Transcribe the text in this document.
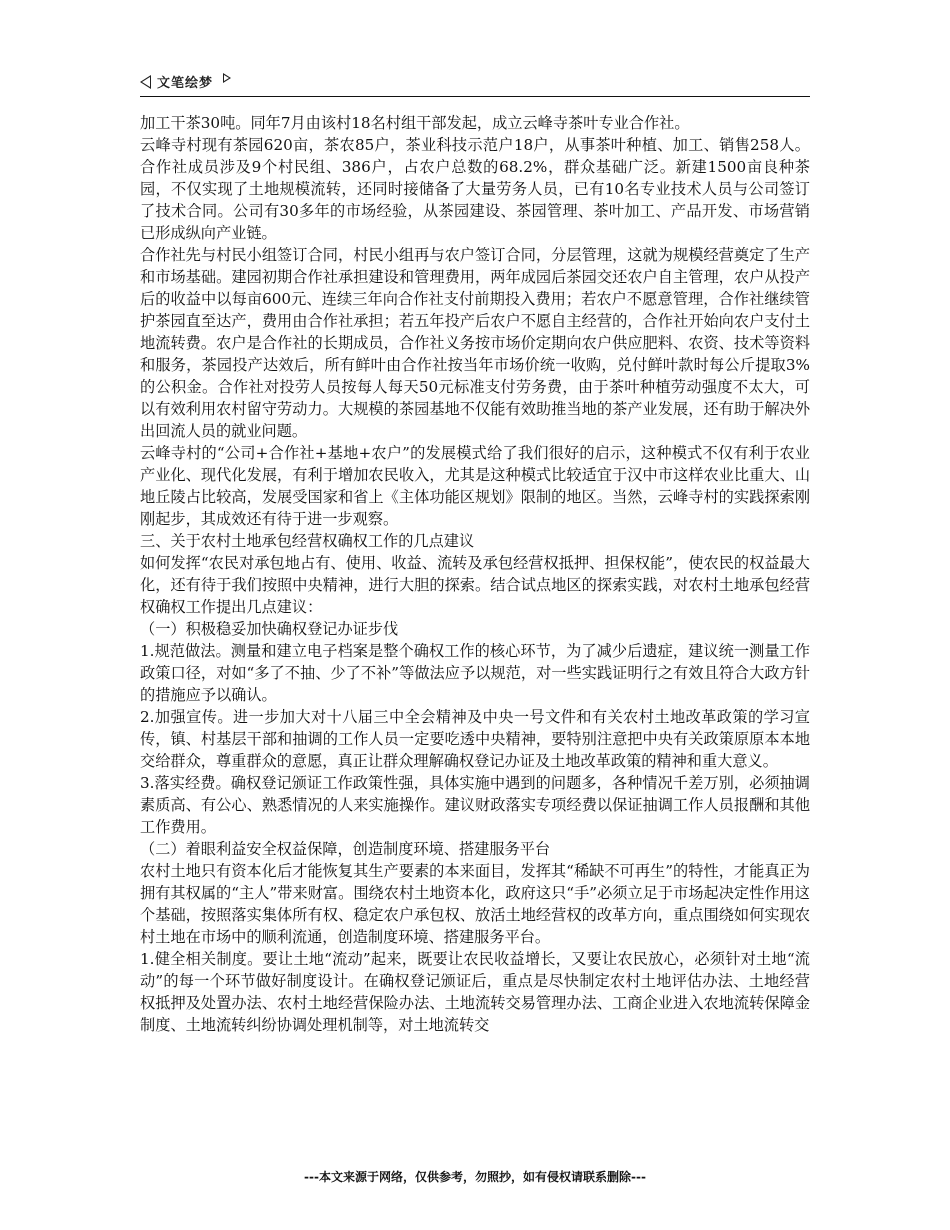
文笔绘梦

加工干茶30吨。同年7月由该村18名村组干部发起，成立云峰寺茶叶专业合作社。

云峰寺村现有茶园620亩，茶农85户，茶业科技示范户18户，从事茶叶种植、加工、销售258人。合作社成员涉及9个村民组、386户，占农户总数的68.2%，群众基础广泛。新建1500亩良种茶园，不仅实现了土地规模流转，还同时接储备了大量劳务人员，已有10名专业技术人员与公司签订了技术合同。公司有30多年的市场经验，从茶园建设、茶园管理、茶叶加工、产品开发、市场营销已形成纵向产业链。

合作社先与村民小组签订合同，村民小组再与农户签订合同，分层管理，这就为规模经营奠定了生产和市场基础。建园初期合作社承担建设和管理费用，两年成园后茶园交还农户自主管理，农户从投产后的收益中以每亩600元、连续三年向合作社支付前期投入费用；若农户不愿意管理，合作社继续管护茶园直至达产，费用由合作社承担；若五年投产后农户不愿自主经营的，合作社开始向农户支付土地流转费。农户是合作社的长期成员，合作社义务按市场价定期向农户供应肥料、农资、技术等资料和服务，茶园投产达效后，所有鲜叶由合作社按当年市场价统一收购，兑付鲜叶款时每公斤提取3%的公积金。合作社对投劳人员按每人每天50元标准支付劳务费，由于茶叶种植劳动强度不太大，可以有效利用农村留守劳动力。大规模的茶园基地不仅能有效助推当地的茶产业发展，还有助于解决外出回流人员的就业问题。

云峰寺村的“公司+合作社+基地+农户”的发展模式给了我们很好的启示，这种模式不仅有利于农业产业化、现代化发展，有利于增加农民收入，尤其是这种模式比较适宜于汉中市这样农业比重大、山地丘陵占比较高，发展受国家和省上《主体功能区规划》限制的地区。当然，云峰寺村的实践探索刚刚起步，其成效还有待于进一步观察。

三、关于农村土地承包经营权确权工作的几点建议

如何发挥“农民对承包地占有、使用、收益、流转及承包经营权抵押、担保权能”，使农民的权益最大化，还有待于我们按照中央精神，进行大胆的探索。结合试点地区的探索实践，对农村土地承包经营权确权工作提出几点建议：

（一）积极稳妥加快确权登记办证步伐

1.规范做法。测量和建立电子档案是整个确权工作的核心环节，为了减少后遗症，建议统一测量工作政策口径，对如“多了不抽、少了不补”等做法应予以规范，对一些实践证明行之有效且符合大政方针的措施应予以确认。

2.加强宣传。进一步加大对十八届三中全会精神及中央一号文件和有关农村土地改革政策的学习宣传，镇、村基层干部和抽调的工作人员一定要吃透中央精神，要特别注意把中央有关政策原原本本地交给群众，尊重群众的意愿，真正让群众理解确权登记办证及土地改革政策的精神和重大意义。

3.落实经费。确权登记颁证工作政策性强，具体实施中遇到的问题多，各种情况千差万别，必须抽调素质高、有公心、熟悉情况的人来实施操作。建议财政落实专项经费以保证抽调工作人员报酬和其他工作费用。

（二）着眼利益安全权益保障，创造制度环境、搭建服务平台

农村土地只有资本化后才能恢复其生产要素的本来面目，发挥其“稀缺不可再生”的特性，才能真正为拥有其权属的“主人”带来财富。围绕农村土地资本化，政府这只“手”必须立足于市场起决定性作用这个基础，按照落实集体所有权、稳定农户承包权、放活土地经营权的改革方向，重点围绕如何实现农村土地在市场中的顺利流通，创造制度环境、搭建服务平台。

1.健全相关制度。要让土地“流动”起来，既要让农民收益增长，又要让农民放心，必须针对土地“流动”的每一个环节做好制度设计。在确权登记颁证后，重点是尽快制定农村土地评估办法、土地经营权抵押及处置办法、农村土地经营保险办法、土地流转交易管理办法、工商企业进入农地流转保障金制度、土地流转纠纷协调处理机制等，对土地流转交

---本文来源于网络，仅供参考，勿照抄，如有侵权请联系删除---
